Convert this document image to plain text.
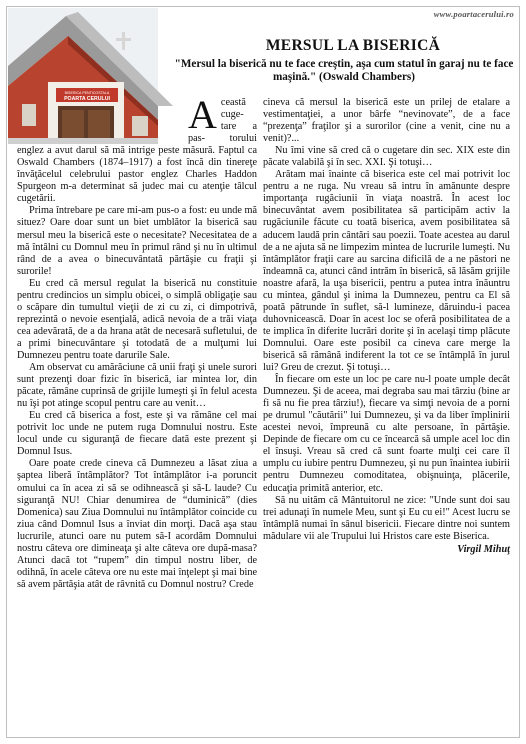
www.poartacerului.ro
BISERICA PENTICOSTALA
POARTA CERULUI
MERSUL LA BISERICĂ
"Mersul la biserică nu te face creştin, aşa cum statul în garaj nu te face maşină." (Oswald Chambers)

Această cuge- tare a pas- torului englez a avut darul să mă intrige peste măsură. Faptul ca Oswald Chambers (1874–1917) a fost încă din tinereţe învăţăcelul celebrului pastor englez Charles Haddon Spurgeon m-a determinat să judec mai cu atenţie tâlcul cugetării.

Prima întrebare pe care mi-am pus-o a fost: eu unde mă situez? Oare doar sunt un biet umblător la biserică sau mersul meu la biserică este o necesitate? Necesitatea de a mă întâlni cu Domnul meu în primul rând şi nu în ultimul rând de a avea o binecuvântată părtăşie cu fraţii şi surorile!

Eu cred că mersul regulat la biserică nu constituie pentru credincios un simplu obicei, o simplă obligaţie sau o scăpare din tumultul vieţii de zi cu zi, ci dimpotrivă, reprezintă o nevoie esenţială, adică nevoia de a trăi viaţa cea adevărată, de a da hrana atât de necesară sufletului, de a primi binecuvântare şi totodată de a mulţumi lui Dumnezeu pentru toate darurile Sale.

Am observat cu amărăciune că unii fraţi şi unele surori sunt prezenţi doar fizic în biserică, iar mintea lor, din păcate, rămâne cuprinsă de grijile lumeşti şi în felul acesta nu îşi pot atinge scopul pentru care au venit…

Eu cred că biserica a fost, este şi va rămâne cel mai potrivit loc unde ne putem ruga Domnului nostru. Este locul unde cu siguranţă de fiecare dată este prezent şi Domnul Isus.

Oare poate crede cineva că Dumnezeu a lăsat ziua a şaptea liberă întâmplător? Tot întâmplător i-a poruncit omului ca în acea zi să se odihnească şi să-L laude? Cu siguranţă NU! Chiar denumirea de “duminică” (dies Domenica) sau Ziua Domnului nu întâmplător coincide cu ziua când Domnul Isus a înviat din morţi. Dacă aşa stau lucrurile, atunci oare nu putem să-I acordăm Domnului nostru câteva ore dimineaţa şi alte câteva ore după-masa? Atunci dacă tot “rupem” din timpul nostru liber, de odihnă, în acele câteva ore nu este mai înţelept şi mai bine să avem părtăşia atât de râvnită cu Domnul nostru? Crede

cineva că mersul la biserică este un prilej de etalare a vestimentaţiei, a unor bârfe “nevinovate”, de a face “prezenţa” fraţilor şi a surorilor (cine a venit, cine nu a venit)?...

Nu îmi vine să cred că o cugetare din sec. XIX este din păcate valabilă şi în sec. XXI. Şi totuşi…

Arătam mai înainte că biserica este cel mai potrivit loc pentru a ne ruga. Nu vreau să intru în amănunte despre importanţa rugăciunii în viaţa noastră. În acest loc binecuvântat avem posibilitatea să participăm activ la rugăciunile făcute cu toată biserica, avem posibilitatea să aducem laudă prin cântări sau poezii. Toate acestea au darul de a ne ajuta să ne limpezim mintea de lucrurile lumeşti. Nu întâmplător fraţii care au sarcina dificilă de a ne păstori ne îndeamnă ca, atunci când intrăm în biserică, să lăsăm grijile noastre afară, la uşa bisericii, pentru a putea intra înăuntru cu mintea, gândul şi inima la Dumnezeu, pentru ca El să poată pătrunde în suflet, să-l lumineze, dăruindu-i pacea duhovnicească. Doar în acest loc se oferă posibilitatea de a te implica în diferite lucrări dorite şi în acelaşi timp plăcute Domnului. Oare este posibil ca cineva care merge la biserică să rămână indiferent la tot ce se întâmplă în jurul lui? Greu de crezut. Şi totuşi…

În fiecare om este un loc pe care nu-l poate umple decât Dumnezeu. Şi de aceea, mai degraba sau mai târziu (bine ar fi să nu fie prea târziu!), fiecare va simţi nevoia de a porni pe drumul "căutării" lui Dumnezeu, şi va da liber împlinirii acestei nevoi, împreună cu alte persoane, în părtăşie. Depinde de fiecare om cu ce încearcă să umple acel loc din el însuşi. Vreau să cred că sunt foarte mulţi cei care îl umplu cu iubire pentru Dumnezeu, şi nu pun înaintea iubirii pentru Dumnezeu comoditatea, obişnuinţa, plăcerile, educaţia primită anterior, etc.

Să nu uităm că Mântuitorul ne zice: "Unde sunt doi sau trei adunaţi în numele Meu, sunt şi Eu cu ei!" Acest lucru se întâmplă numai în sânul bisericii. Fiecare dintre noi suntem mădulare vii ale Trupului lui Hristos care este Biserica.

Virgil Mihuţ
